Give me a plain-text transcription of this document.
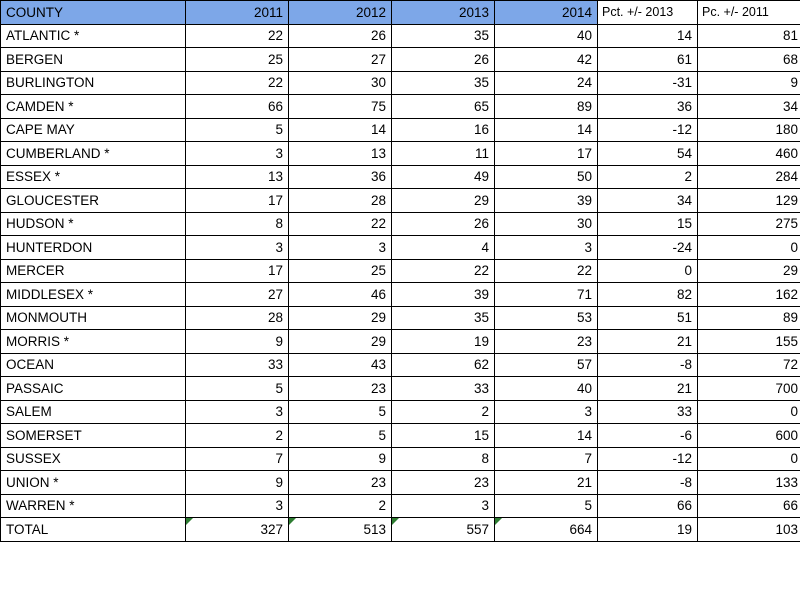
COUNTY	2011	2012	2013	2014	Pct. +/- 2013	Pc. +/- 2011
ATLANTIC *	22	26	35	40	14	81
BERGEN	25	27	26	42	61	68
BURLINGTON	22	30	35	24	-31	9
CAMDEN *	66	75	65	89	36	34
CAPE MAY	5	14	16	14	-12	180
CUMBERLAND *	3	13	11	17	54	460
ESSEX *	13	36	49	50	2	284
GLOUCESTER	17	28	29	39	34	129
HUDSON *	8	22	26	30	15	275
HUNTERDON	3	3	4	3	-24	0
MERCER	17	25	22	22	0	29
MIDDLESEX *	27	46	39	71	82	162
MONMOUTH	28	29	35	53	51	89
MORRIS *	9	29	19	23	21	155
OCEAN	33	43	62	57	-8	72
PASSAIC	5	23	33	40	21	700
SALEM	3	5	2	3	33	0
SOMERSET	2	5	15	14	-6	600
SUSSEX	7	9	8	7	-12	0
UNION *	9	23	23	21	-8	133
WARREN *	3	2	3	5	66	66
TOTAL	327	513	557	664	19	103
